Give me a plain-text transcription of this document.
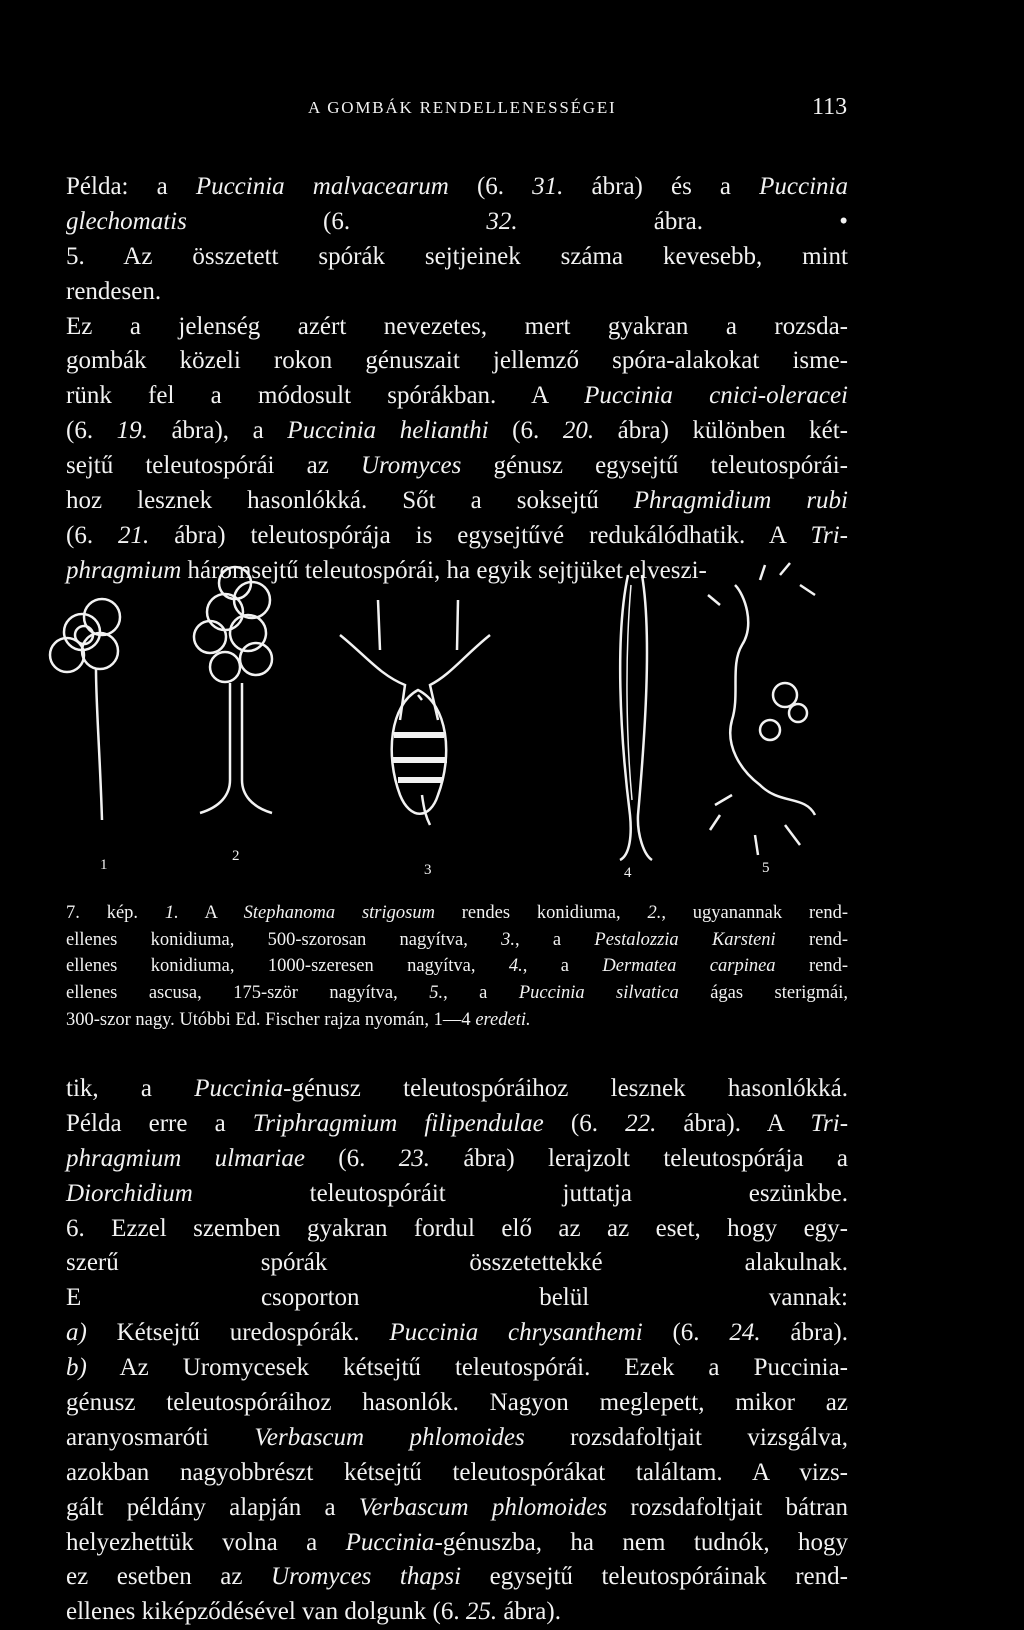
A GOMBÁK RENDELLENESSÉGEI	113
Példa: a Puccinia malvacearum (6. 31. ábra) és a Puccinia
glechomatis (6. 32. ábra. •
5. Az összetett spórák sejtjeinek száma kevesebb, mint
rendesen.
Ez a jelenség azért nevezetes, mert gyakran a rozsda-
gombák közeli rokon génuszait jellemző spóra-alakokat isme-
rünk fel a módosult spórákban. A Puccinia cnici-oleracei
(6. 19. ábra), a Puccinia helianthi (6. 20. ábra) különben két-
sejtű teleutospórái az Uromyces génusz egysejtű teleutospórái-
hoz lesznek hasonlókká. Sőt a soksejtű Phragmidium rubi
(6. 21. ábra) teleutospórája is egysejtűvé redukálódhatik. A Tri-
phragmium háromsejtű teleutospórái, ha egyik sejtjüket elveszi-
1
2
3	4	5
7. kép. 1. A Stephanoma strigosum rendes konidiuma, 2., ugyanannak rend-
ellenes konidiuma, 500-szorosan nagyítva, 3., a Pestalozzia Karsteni rend-
ellenes konidiuma, 1000-szeresen nagyítva, 4., a Dermatea carpinea rend-
ellenes ascusa, 175-ször nagyítva, 5., a Puccinia silvatica ágas sterigmái,
300-szor nagy. Utóbbi Ed. Fischer rajza nyomán, 1—4 eredeti.
tik, a Puccinia-génusz teleutospóráihoz lesznek hasonlókká.
Példa erre a Triphragmium filipendulae (6. 22. ábra). A Tri-
phragmium ulmariae (6. 23. ábra) lerajzolt teleutospórája a
Diorchidium teleutospóráit juttatja eszünkbe.
6. Ezzel szemben gyakran fordul elő az az eset, hogy egy-
szerű spórák összetettekké alakulnak.
E csoporton belül vannak:
a) Kétsejtű uredospórák. Puccinia chrysanthemi (6. 24. ábra).
b) Az Uromycesek kétsejtű teleutospórái. Ezek a Puccinia-
génusz teleutospóráihoz hasonlók. Nagyon meglepett, mikor az
aranyosmaróti Verbascum phlomoides rozsdafoltjait vizsgálva,
azokban nagyobbrészt kétsejtű teleutospórákat találtam. A vizs-
gált példány alapján a Verbascum phlomoides rozsdafoltjait bátran
helyezhettük volna a Puccinia-génuszba, ha nem tudnók, hogy
ez esetben az Uromyces thapsi egysejtű teleutospóráinak rend-
ellenes kiképződésével van dolgunk (6. 25. ábra).
